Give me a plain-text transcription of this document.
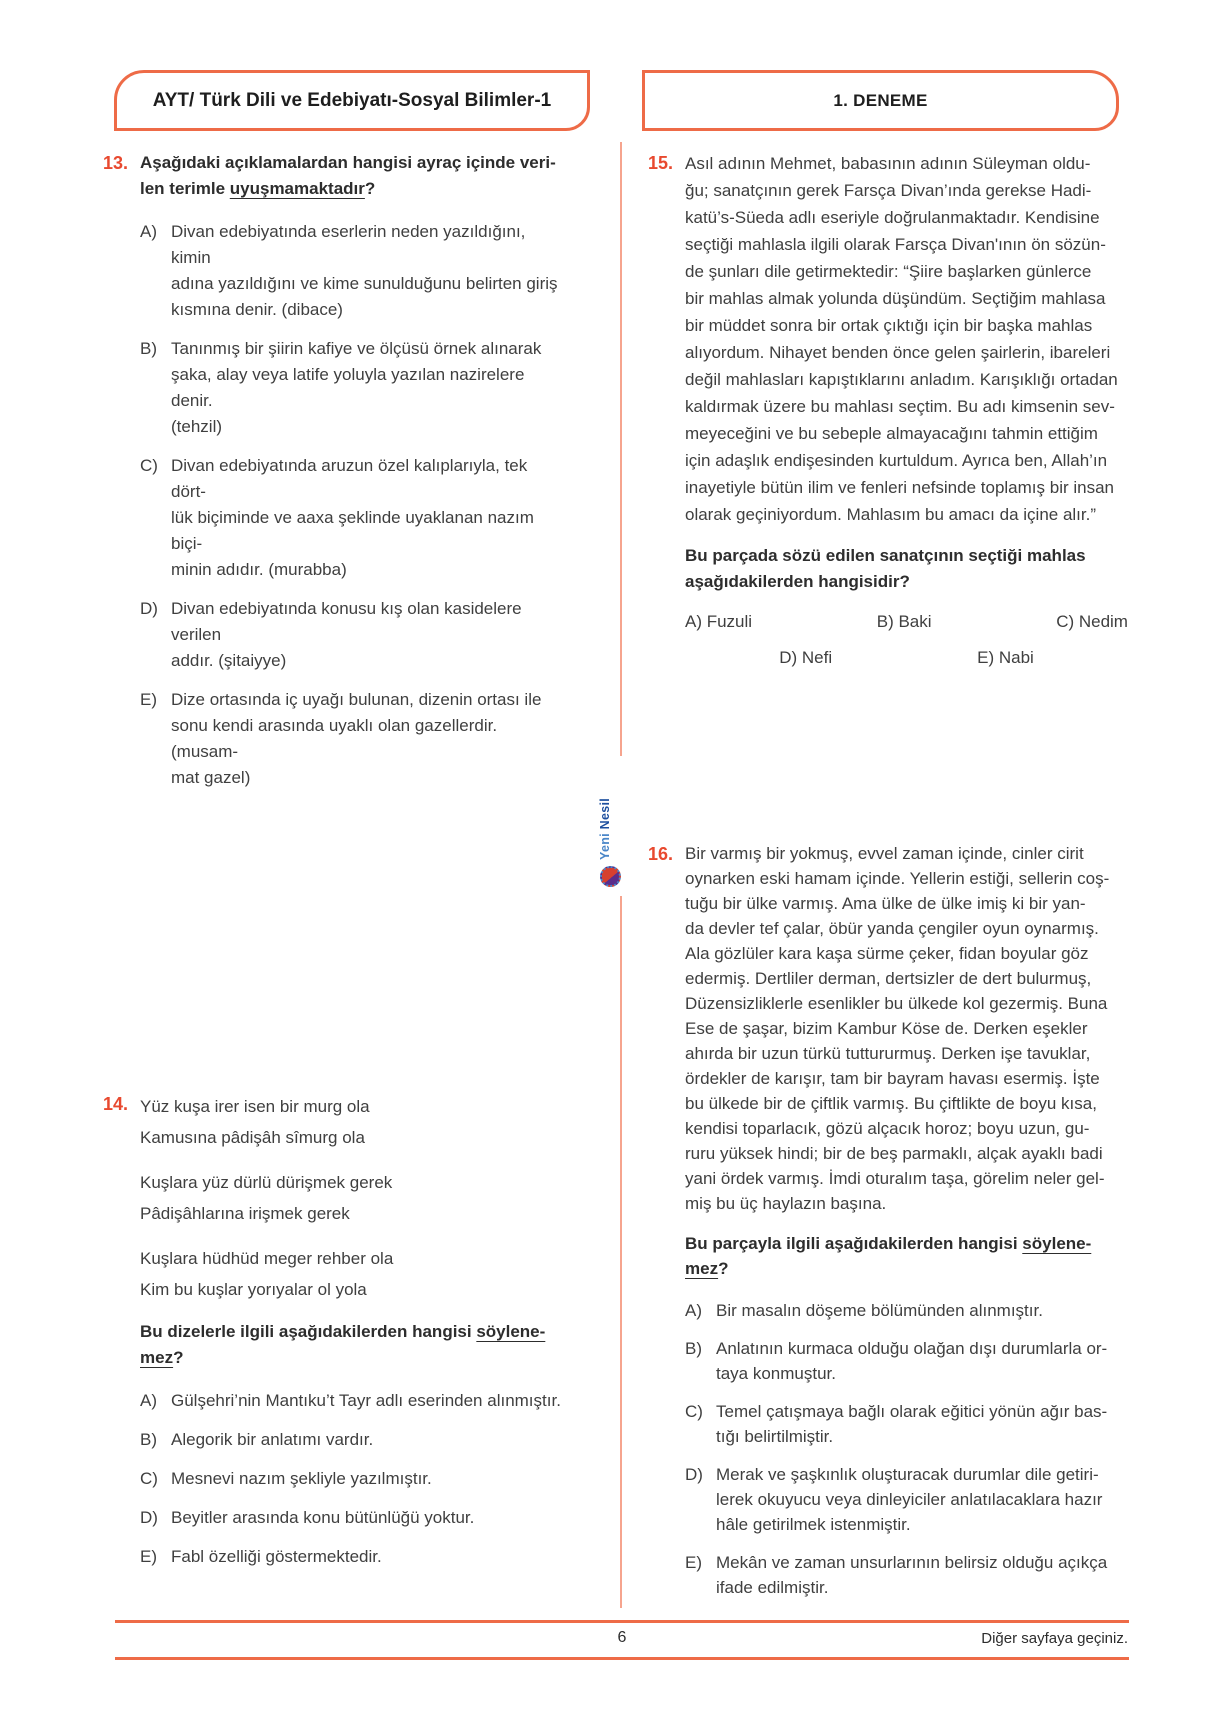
AYT/ Türk Dili ve Edebiyatı-Sosyal Bilimler-1	1. DENEME
13. Aşağıdaki açıklamalardan hangisi ayraç içinde veri-
len terimle uyuşmamaktadır?

A) Divan edebiyatında eserlerin neden yazıldığını, kimin
adına yazıldığını ve kime sunulduğunu belirten giriş
kısmına denir. (dibace)
B) Tanınmış bir şiirin kafiye ve ölçüsü örnek alınarak
şaka, alay veya latife yoluyla yazılan nazirelere denir.
(tehzil)
C) Divan edebiyatında aruzun özel kalıplarıyla, tek dört-
lük biçiminde ve aaxa şeklinde uyaklanan nazım biçi-
minin adıdır. (murabba)
D) Divan edebiyatında konusu kış olan kasidelere verilen
addır. (şitaiyye)
E) Dize ortasında iç uyağı bulunan, dizenin ortası ile
sonu kendi arasında uyaklı olan gazellerdir. (musam-
mat gazel)
14. Yüz kuşa irer isen bir murg ola
Kamusına pâdişâh sîmurg ola

Kuşlara yüz dürlü dürişmek gerek
Pâdişâhlarına irişmek gerek

Kuşlara hüdhüd meger rehber ola
Kim bu kuşlar yorıyalar ol yola

Bu dizelerle ilgili aşağıdakilerden hangisi söylene-
mez?

A) Gülşehri’nin Mantıku’t Tayr adlı eserinden alınmıştır.
B) Alegorik bir anlatımı vardır.
C) Mesnevi nazım şekliyle yazılmıştır.
D) Beyitler arasında konu bütünlüğü yoktur.
E) Fabl özelliği göstermektedir.
15. Asıl adının Mehmet, babasının adının Süleyman oldu-
ğu; sanatçının gerek Farsça Divan’ında gerekse Hadi-
katü’s-Süeda adlı eseriyle doğrulanmaktadır. Kendisine
seçtiği mahlasla ilgili olarak Farsça Divan'ının ön sözün-
de şunları dile getirmektedir: “Şiire başlarken günlerce
bir mahlas almak yolunda düşündüm. Seçtiğim mahlasa
bir müddet sonra bir ortak çıktığı için bir başka mahlas
alıyordum. Nihayet benden önce gelen şairlerin, ibareleri
değil mahlasları kapıştıklarını anladım. Karışıklığı ortadan
kaldırmak üzere bu mahlası seçtim. Bu adı kimsenin sev-
meyeceğini ve bu sebeple almayacağını tahmin ettiğim
için adaşlık endişesinden kurtuldum. Ayrıca ben, Allah’ın
inayetiyle bütün ilim ve fenleri nefsinde toplamış bir insan
olarak geçiniyordum. Mahlasım bu amacı da içine alır.”

Bu parçada sözü edilen sanatçının seçtiği mahlas
aşağıdakilerden hangisidir?

A) Fuzuli	B) Baki	C) Nedim
D) Nefi	E) Nabi
16. Bir varmış bir yokmuş, evvel zaman içinde, cinler cirit
oynarken eski hamam içinde. Yellerin estiği, sellerin coş-
tuğu bir ülke varmış. Ama ülke de ülke imiş ki bir yan-
da devler tef çalar, öbür yanda çengiler oyun oynarmış.
Ala gözlüler kara kaşa sürme çeker, fidan boyular göz
edermiş. Dertliler derman, dertsizler de dert bulurmuş,
Düzensizliklerle esenlikler bu ülkede kol gezermiş. Buna
Ese de şaşar, bizim Kambur Köse de. Derken eşekler
ahırda bir uzun türkü tuttururmuş. Derken işe tavuklar,
ördekler de karışır, tam bir bayram havası esermiş. İşte
bu ülkede bir de çiftlik varmış. Bu çiftlikte de boyu kısa,
kendisi toparlacık, gözü alçacık horoz; boyu uzun, gu-
ruru yüksek hindi; bir de beş parmaklı, alçak ayaklı badi
yani ördek varmış. İmdi oturalım taşa, görelim neler gel-
miş bu üç haylazın başına.

Bu parçayla ilgili aşağıdakilerden hangisi söylene-
mez?

A) Bir masalın döşeme bölümünden alınmıştır.
B) Anlatının kurmaca olduğu olağan dışı durumlarla or-
taya konmuştur.
C) Temel çatışmaya bağlı olarak eğitici yönün ağır bas-
tığı belirtilmiştir.
D) Merak ve şaşkınlık oluşturacak durumlar dile getiri-
lerek okuyucu veya dinleyiciler anlatılacaklara hazır
hâle getirilmek istenmiştir.
E) Mekân ve zaman unsurlarının belirsiz olduğu açıkça
ifade edilmiştir.
Yeni Nesil
6	Diğer sayfaya geçiniz.
